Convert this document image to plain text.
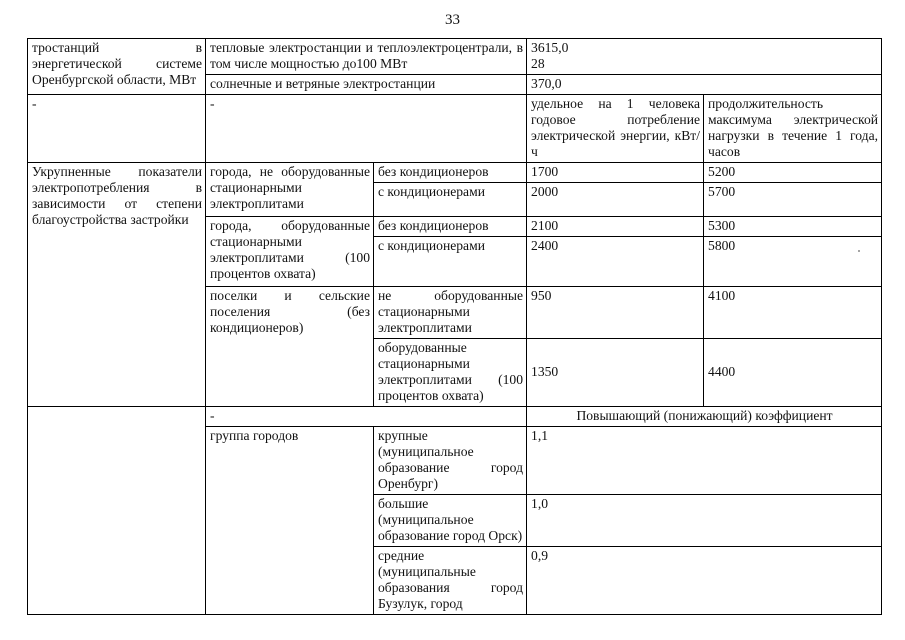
33
тростанций в энергетической системе Оренбургской области, МВт	тепловые электростанции и теплоэлектроцентрали, в том числе мощностью до100 МВт		3615,0
28	

	солнечные и ветряные электростанции		370,0	
-	-		удельное на 1 человека годовое потребление электрической энергии, кВт/ч	продолжительность максимума электрической нагрузки в течение 1 года, часов
Укрупненные показатели электропотребления в зависимости от степени благоустройства застройки	города, не оборудованные стационарными электроплитами	без кондиционеров	1700	5200
		с кондиционерами	2000	5700
	города, оборудованные стационарными электроплитами (100 процентов охвата)	без кондиционеров	2100	5300
		с кондиционерами	2400	5800
	поселки и сельские поселения (без кондиционеров)	не оборудованные стационарными электроплитами	950	4100
		оборудованные стационарными электроплитами (100 процентов охвата)	1350	4400
	-		Повышающий (понижающий) коэффициент	
	группа городов	крупные (муниципальное образование город Оренбург)	1,1	
		большие (муниципальное образование город Орск)	1,0	
		средние (муниципальные образования город Бузулук, город	0,9	
